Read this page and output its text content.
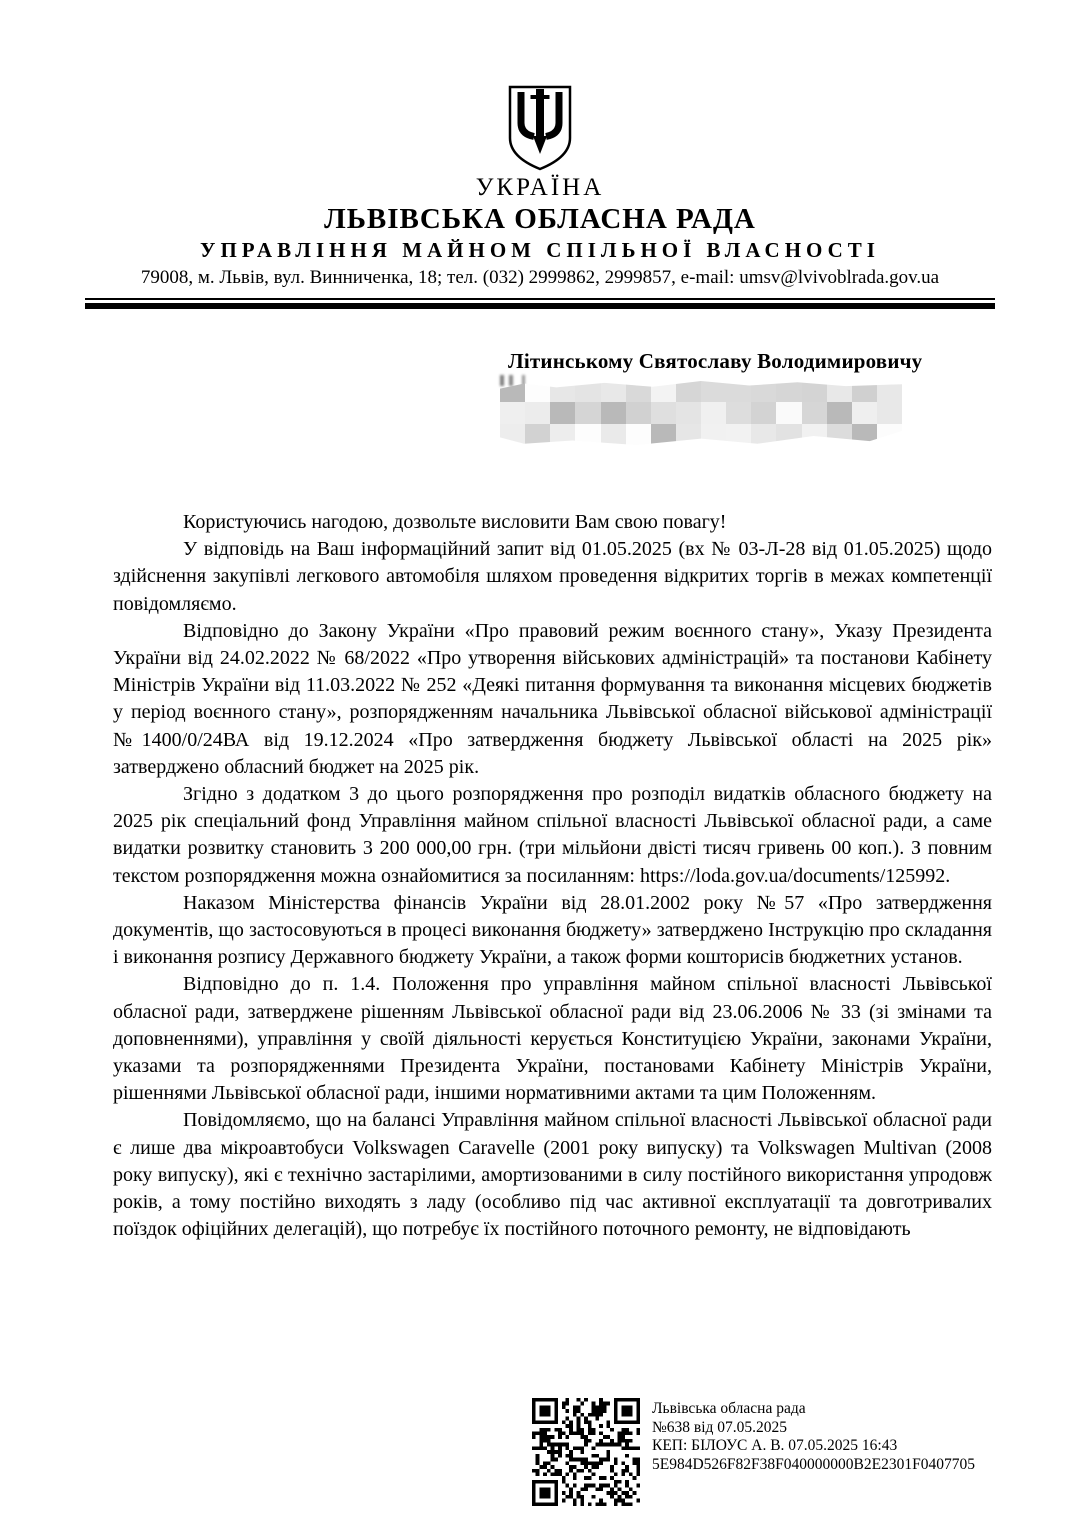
УКРАЇНА
ЛЬВІВСЬКА ОБЛАСНА РАДА
УПРАВЛІННЯ МАЙНОМ СПІЛЬНОЇ ВЛАСНОСТІ
79008, м. Львів, вул. Винниченка, 18; тел. (032) 2999862, 2999857, e-mail: umsv@lvivoblrada.gov.ua
Літинському Святославу Володимировичу

Користуючись нагодою, дозвольте висловити Вам свою повагу!

У відповідь на Ваш інформаційний запит від 01.05.2025 (вх № 03-Л-28 від 01.05.2025) щодо здійснення закупівлі легкового автомобіля шляхом проведення відкритих торгів в межах компетенції повідомляємо.

Відповідно до Закону України «Про правовий режим воєнного стану», Указу Президента України від 24.02.2022 № 68/2022 «Про утворення військових адміністрацій» та постанови Кабінету Міністрів України від 11.03.2022 № 252 «Деякі питання формування та виконання місцевих бюджетів у період воєнного стану», розпорядженням начальника Львівської обласної військової адміністрації №1400/0/24ВА від 19.12.2024 «Про затвердження бюджету Львівської області на 2025 рік» затверджено обласний бюджет на 2025 рік.

Згідно з додатком 3 до цього розпорядження про розподіл видатків обласного бюджету на 2025 рік спеціальний фонд Управління майном спільної власності Львівської обласної ради, а саме видатки розвитку становить 3 200 000,00 грн. (три мільйони двісті тисяч гривень 00 коп.). З повним текстом розпорядження можна ознайомитися за посиланням: https://loda.gov.ua/documents/125992.

Наказом Міністерства фінансів України від 28.01.2002 року №57 «Про затвердження документів, що застосовуються в процесі виконання бюджету» затверджено Інструкцію про складання і виконання розпису Державного бюджету України, а також форми кошторисів бюджетних установ.

Відповідно до п. 1.4. Положення про управління майном спільної власності Львівської обласної ради, затверджене рішенням Львівської обласної ради від 23.06.2006 № 33 (зі змінами та доповненнями), управління у своїй діяльності керується Конституцією України, законами України, указами та розпорядженнями Президента України, постановами Кабінету Міністрів України, рішеннями Львівської обласної ради, іншими нормативними актами та цим Положенням.

Повідомляємо, що на балансі Управління майном спільної власності Львівської обласної ради є лише два мікроавтобуси Volkswagen Caravelle (2001 року випуску) та Volkswagen Multivan (2008 року випуску), які є технічно застарілими, амортизованими в силу постійного використання упродовж років, а тому постійно виходять з ладу (особливо під час активної експлуатації та довготривалих поїздок офіційних делегацій), що потребує їх постійного поточного ремонту, не відповідають

Львівська обласна рада
№638 від 07.05.2025
КЕП: БІЛОУС А. В. 07.05.2025 16:43
5E984D526F82F38F040000000B2E2301F0407705
